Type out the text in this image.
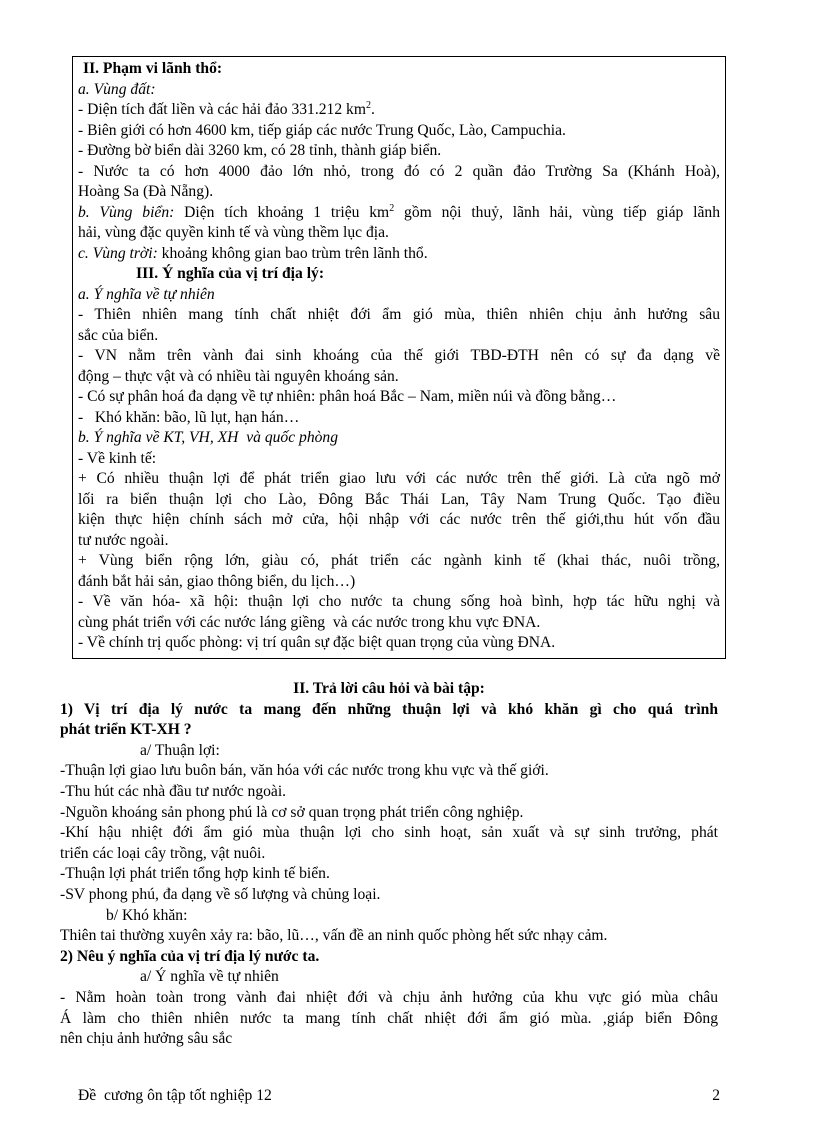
II. Phạm vi lãnh thổ:
a. Vùng đất:
- Diện tích đất liền và các hải đảo 331.212 $km^2$.
- Biên giới có hơn 4600 km, tiếp giáp các nước Trung Quốc, Lào, Campuchia.
- Đường bờ biển dài 3260 km, có 28 tỉnh, thành giáp biển.
- Nước ta có hơn 4000 đảo lớn nhỏ, trong đó có 2 quần đảo Trường Sa (Khánh Hoà),
Hoàng Sa (Đà Nẵng).
b. Vùng biển: Diện tích khoảng 1 triệu $km^2$ gồm nội thuỷ, lãnh hải, vùng tiếp giáp lãnh
hải, vùng đặc quyền kinh tế và vùng thềm lục địa.
c. Vùng trời: khoảng không gian bao trùm trên lãnh thổ.
III. Ý nghĩa của vị trí địa lý:
a. Ý nghĩa về tự nhiên
- Thiên nhiên mang tính chất nhiệt đới ẩm gió mùa, thiên nhiên chịu ảnh hưởng sâu
sắc của biển.
- VN nằm trên vành đai sinh khoáng của thế giới TBD-ĐTH nên có sự đa dạng về
động – thực vật và có nhiều tài nguyên khoáng sản.
- Có sự phân hoá đa dạng về tự nhiên: phân hoá Bắc – Nam, miền núi và đồng bằng…
-   Khó khăn: bão, lũ lụt, hạn hán…
b. Ý nghĩa về KT, VH, XH  và quốc phòng
- Về kinh tế:
+ Có nhiều thuận lợi để phát triển giao lưu với các nước trên thế giới. Là cửa ngõ mở
lối ra biển thuận lợi cho Lào, Đông Bắc Thái Lan, Tây Nam Trung Quốc. Tạo điều
kiện thực hiện chính sách mở cửa, hội nhập với các nước trên thế giới,thu hút vốn đầu
tư nước ngoài.
+ Vùng biển rộng lớn, giàu có, phát triển các ngành kinh tế (khai thác, nuôi trồng,
đánh bắt hải sản, giao thông biển, du lịch…)
- Về văn hóa- xã hội: thuận lợi cho nước ta chung sống hoà bình, hợp tác hữu nghị và
cùng phát triển với các nước láng giềng  và các nước trong khu vực ĐNA.
- Về chính trị quốc phòng: vị trí quân sự đặc biệt quan trọng của vùng ĐNA.
II. Trả lời câu hỏi và bài tập:
1) Vị trí địa lý nước ta mang đến những thuận lợi và khó khăn gì cho quá trình
phát triển KT-XH ?
a/ Thuận lợi:
-Thuận lợi giao lưu buôn bán, văn hóa với các nước trong khu vực và thế giới.
-Thu hút các nhà đầu tư nước ngoài.
-Nguồn khoáng sản phong phú là cơ sở quan trọng phát triển công nghiệp.
-Khí hậu nhiệt đới ẩm gió mùa thuận lợi cho sinh hoạt, sản xuất và sự sinh trưởng, phát
triển các loại cây trồng, vật nuôi.
-Thuận lợi phát triển tổng hợp kinh tế biển.
-SV phong phú, đa dạng về số lượng và chủng loại.
b/ Khó khăn:
Thiên tai thường xuyên xảy ra: bão, lũ…, vấn đề an ninh quốc phòng hết sức nhạy cảm.
2) Nêu ý nghĩa của vị trí địa lý nước ta.
a/ Ý nghĩa về tự nhiên
- Nằm hoàn toàn trong vành đai nhiệt đới và chịu ảnh hưởng của khu vực gió mùa châu
Á làm cho thiên nhiên nước ta mang tính chất nhiệt đới ẩm gió mùa. ,giáp biển Đông
nên chịu ảnh hưởng sâu sắc
Đề  cương ôn tập tốt nghiệp 12	2
